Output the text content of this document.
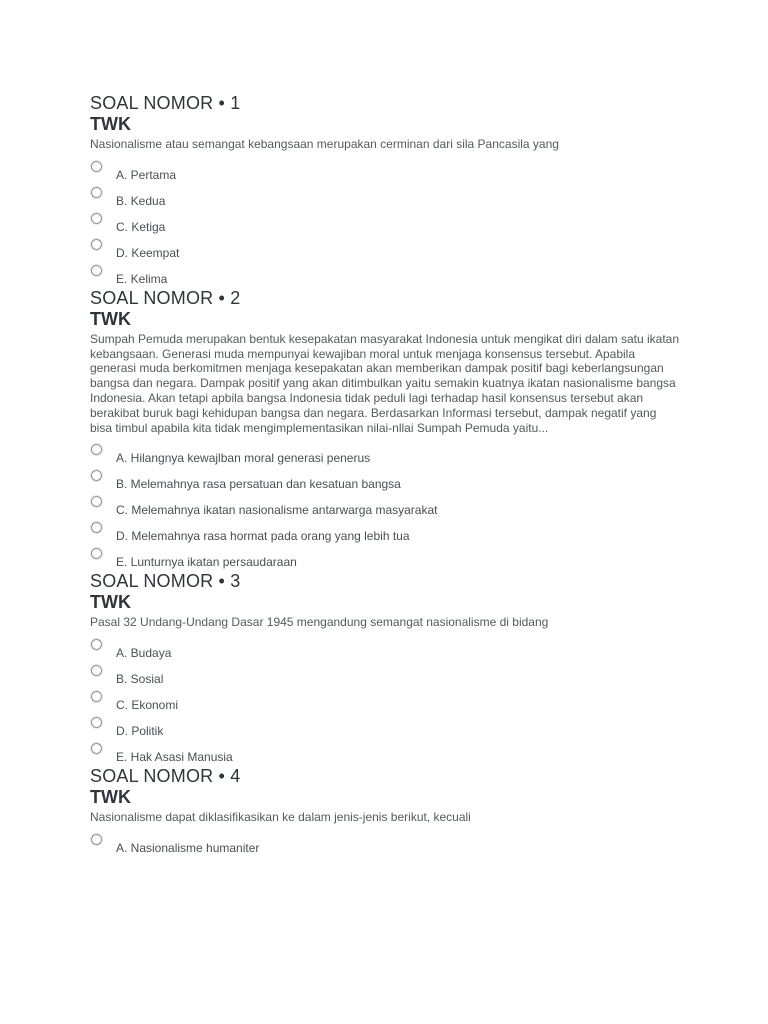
SOAL NOMOR • 1
TWK
Nasionalisme atau semangat kebangsaan merupakan cerminan dari sila Pancasila yang
A. Pertama
B. Kedua
C. Ketiga
D. Keempat
E. Kelima
SOAL NOMOR • 2
TWK
Sumpah Pemuda merupakan bentuk kesepakatan masyarakat Indonesia untuk mengikat diri dalam satu ikatan kebangsaan. Generasi muda mempunyai kewajiban moral untuk menjaga konsensus tersebut. Apabila generasi muda berkomitmen menjaga kesepakatan akan memberikan dampak positif bagi keberlangsungan bangsa dan negara. Dampak positif yang akan ditimbulkan yaitu semakin kuatnya ikatan nasionalisme bangsa Indonesia. Akan tetapi apbila bangsa Indonesia tidak peduli lagi terhadap hasil konsensus tersebut akan berakibat buruk bagi kehidupan bangsa dan negara. Berdasarkan Informasi tersebut, dampak negatif yang bisa timbul apabila kita tidak mengimplementasikan nilai-nllai Sumpah Pemuda yaitu...
A. Hilangnya kewajlban moral generasi penerus
B. Melemahnya rasa persatuan dan kesatuan bangsa
C. Melemahnya ikatan nasionalisme antarwarga masyarakat
D. Melemahnya rasa hormat pada orang yang lebih tua
E. Lunturnya ikatan persaudaraan
SOAL NOMOR • 3
TWK
Pasal 32 Undang-Undang Dasar 1945 mengandung semangat nasionalisme di bidang
A. Budaya
B. Sosial
C. Ekonomi
D. Politik
E. Hak Asasi Manusia
SOAL NOMOR • 4
TWK
Nasionalisme dapat diklasifikasikan ke dalam jenis-jenis berikut, kecuali
A. Nasionalisme humaniter
